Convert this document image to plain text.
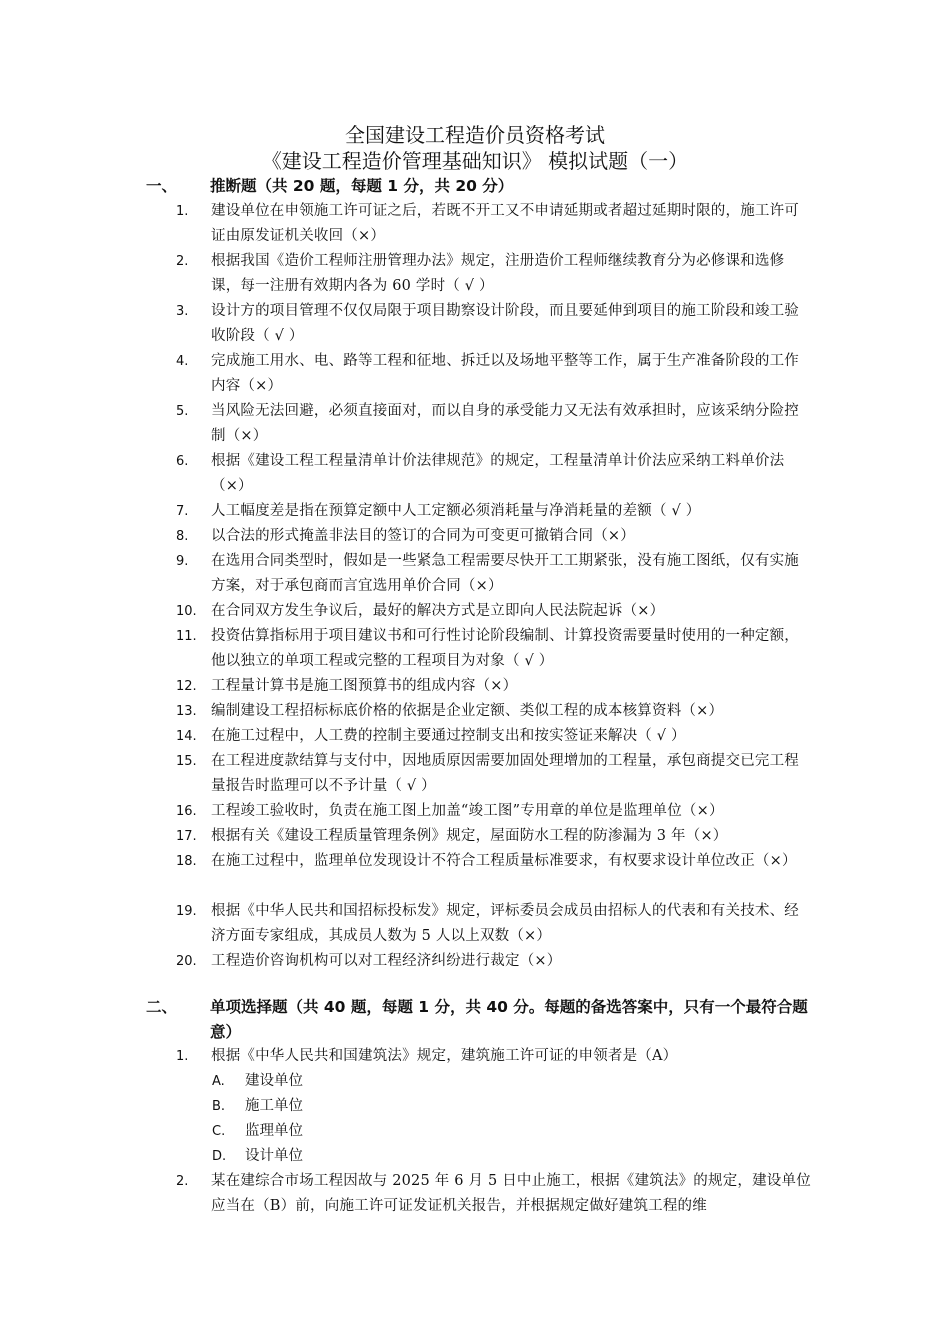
全国建设工程造价员资格考试
《建设工程造价管理基础知识》 模拟试题（一）
一、	推断题（共 20 题，每题 1 分，共 20 分）
1.	建设单位在申领施工许可证之后，若既不开工又不申请延期或者超过延期时限的，施工许可证由原发证机关收回（×）
2.	根据我国《造价工程师注册管理办法》规定，注册造价工程师继续教育分为必修课和选修课，每一注册有效期内各为 60 学时（ √ ）
3.	设计方的项目管理不仅仅局限于项目勘察设计阶段，而且要延伸到项目的施工阶段和竣工验收阶段（ √ ）
4.	完成施工用水、电、路等工程和征地、拆迁以及场地平整等工作，属于生产准备阶段的工作内容（×）
5.	当风险无法回避，必须直接面对，而以自身的承受能力又无法有效承担时，应该采纳分险控制（×）
6.	根据《建设工程工程量清单计价法律规范》的规定，工程量清单计价法应采纳工料单价法（×）
7.	人工幅度差是指在预算定额中人工定额必须消耗量与净消耗量的差额（ √ ）
8.	以合法的形式掩盖非法目的签订的合同为可变更可撤销合同（×）
9.	在选用合同类型时，假如是一些紧急工程需要尽快开工工期紧张，没有施工图纸，仅有实施方案，对于承包商而言宜选用单价合同（×）
10. 在合同双方发生争议后，最好的解决方式是立即向人民法院起诉（×）
11. 投资估算指标用于项目建议书和可行性讨论阶段编制、计算投资需要量时使用的一种定额，他以独立的单项工程或完整的工程项目为对象（ √ ）
12. 工程量计算书是施工图预算书的组成内容（×）
13. 编制建设工程招标标底价格的依据是企业定额、类似工程的成本核算资料（×）
14. 在施工过程中，人工费的控制主要通过控制支出和按实签证来解决（ √ ）
15. 在工程进度款结算与支付中，因地质原因需要加固处理增加的工程量，承包商提交已完工程量报告时监理可以不予计量（ √ ）
16. 工程竣工验收时，负责在施工图上加盖“竣工图”专用章的单位是监理单位（×）
17. 根据有关《建设工程质量管理条例》规定，屋面防水工程的防渗漏为 3 年（×）
18. 在施工过程中，监理单位发现设计不符合工程质量标准要求，有权要求设计单位改正（×）
19. 根据《中华人民共和国招标投标发》规定，评标委员会成员由招标人的代表和有关技术、经济方面专家组成，其成员人数为 5 人以上双数（×）
20. 工程造价咨询机构可以对工程经济纠纷进行裁定（×）
二、	单项选择题（共 40 题，每题 1 分，共 40 分。每题的备选答案中，只有一个最符合题意）
1.	根据《中华人民共和国建筑法》规定，建筑施工许可证的申领者是（A）
A. 建设单位
B. 施工单位
C. 监理单位
D. 设计单位
2.	某在建综合市场工程因故与 2025 年 6 月 5 日中止施工，根据《建筑法》的规定，建设单位应当在（B）前，向施工许可证发证机关报告，并根据规定做好建筑工程的维
